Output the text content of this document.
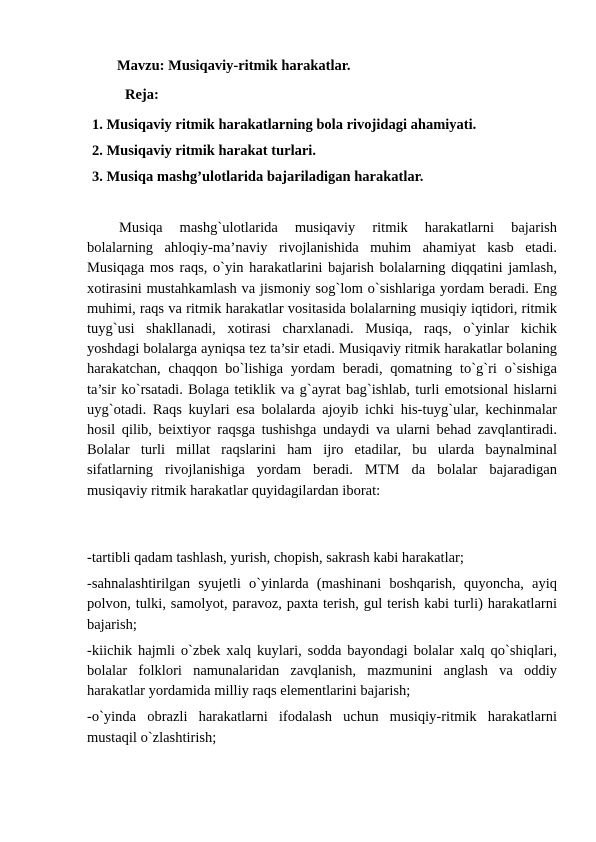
Mavzu: Musiqaviy-ritmik harakatlar.
Reja:
1. Musiqaviy ritmik harakatlarning bola rivojidagi ahamiyati.
2. Musiqaviy ritmik harakat turlari.
3. Musiqa mashg’ulotlarida bajariladigan harakatlar.

Musiqa mashg`ulotlarida musiqaviy ritmik harakatlarni bajarish bolalarning ahloqiy-ma’naviy rivojlanishida muhim ahamiyat kasb etadi. Musiqaga mos raqs, o`yin harakatlarini bajarish bolalarning diqqatini jamlash, xotirasini mustahkamlash va jismoniy sog`lom o`sishlariga yordam beradi. Eng muhimi, raqs va ritmik harakatlar vositasida bolalarning musiqiy iqtidori, ritmik tuyg`usi shakllanadi, xotirasi charxlanadi. Musiqa, raqs, o`yinlar kichik yoshdagi bolalarga ayniqsa tez ta’sir etadi. Musiqaviy ritmik harakatlar bolaning harakatchan, chaqqon bo`lishiga yordam beradi, qomatning to`g`ri o`sishiga ta’sir ko`rsatadi. Bolaga tetiklik va g`ayrat bag`ishlab, turli emotsional hislarni uyg`otadi. Raqs kuylari esa bolalarda ajoyib ichki his-tuyg`ular, kechinmalar hosil qilib, beixtiyor raqsga tushishga undaydi va ularni behad zavqlantiradi. Bolalar turli millat raqslarini ham ijro etadilar, bu ularda baynalminal sifatlarning rivojlanishiga yordam beradi. MTM da bolalar bajaradigan musiqaviy ritmik harakatlar quyidagilardan iborat:

-tartibli qadam tashlash, yurish, chopish, sakrash kabi harakatlar;
-sahnalashtirilgan syujetli o`yinlarda (mashinani boshqarish, quyoncha, ayiq polvon, tulki, samolyot, paravoz, paxta terish, gul terish kabi turli) harakatlarni bajarish;
-kiichik hajmli o`zbek xalq kuylari, sodda bayondagi bolalar xalq qo`shiqlari, bolalar folklori namunalaridan zavqlanish, mazmunini anglash va oddiy harakatlar yordamida milliy raqs elementlarini bajarish;
-o`yinda obrazli harakatlarni ifodalash uchun musiqiy-ritmik harakatlarni mustaqil o`zlashtirish;
